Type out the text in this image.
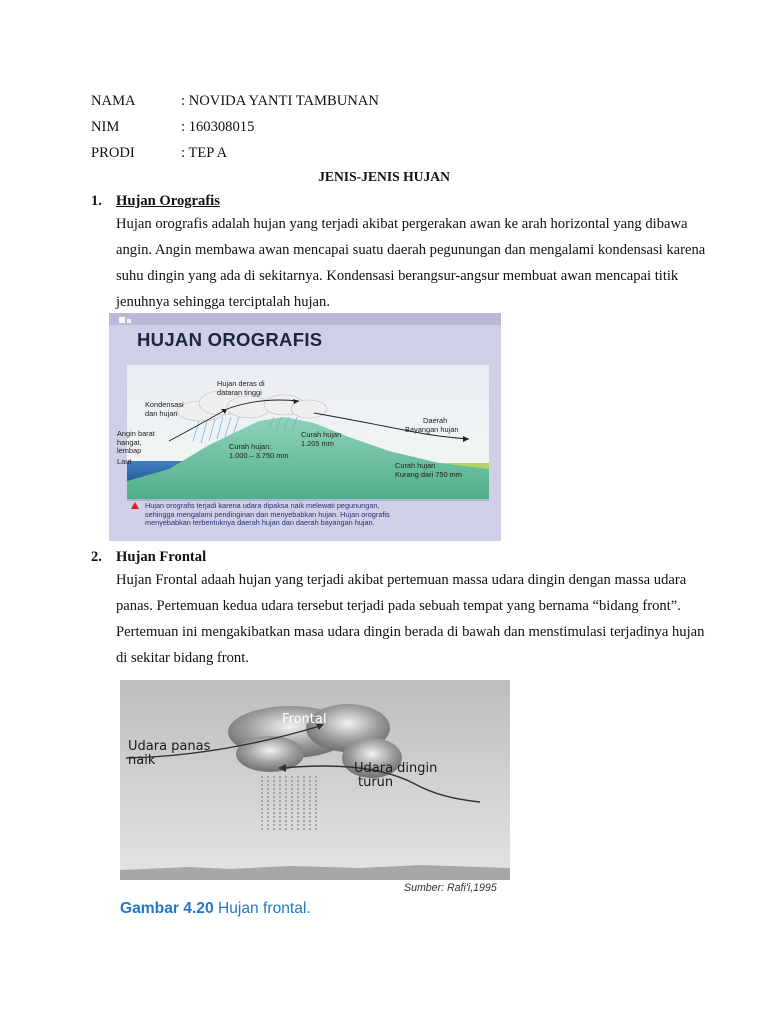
NAMA	: NOVIDA YANTI TAMBUNAN
NIM	: 160308015
PRODI	: TEP A
JENIS-JENIS HUJAN
1. Hujan Orografis
Hujan orografis adalah hujan yang terjadi akibat pergerakan awan ke arah horizontal yang dibawa
angin. Angin membawa awan mencapai suatu daerah pegunungan dan mengalami kondensasi karena
suhu dingin yang ada di sekitarnya. Kondensasi berangsur-angsur membuat awan mencapai titik
jenuhnya sehingga terciptalah hujan.
HUJAN OROGRAFIS
Hujan deras di
dataran tinggi
Kondensasi
dan hujan
Angin barat
hangat,
lembap
Laut
Curah hujan:
1.000 – 3.750 mm
Curah hujan
1.205 mm
Daerah
Bayangan hujan
Curah hujan
Kurang dari 750 mm
Hujan orografis terjadi karena udara dipaksa naik melewati pegunungan,
sehingga mengalami pendinginan dan menyebabkan hujan. Hujan orografis
menyebabkan terbentuknya daerah hujan dan daerah bayangan hujan.
2. Hujan Frontal
Hujan Frontal adaah hujan yang terjadi akibat pertemuan massa udara dingin dengan massa udara
panas. Pertemuan kedua udara tersebut terjadi pada sebuah tempat yang bernama “bidang front”.
Pertemuan ini mengakibatkan masa udara dingin berada di bawah dan menstimulasi terjadinya hujan
di sekitar bidang front.
Frontal
Udara panas
naik
Udara dingin
turun
Sumber: Rafi'i,1995
Gambar 4.20 Hujan frontal.
